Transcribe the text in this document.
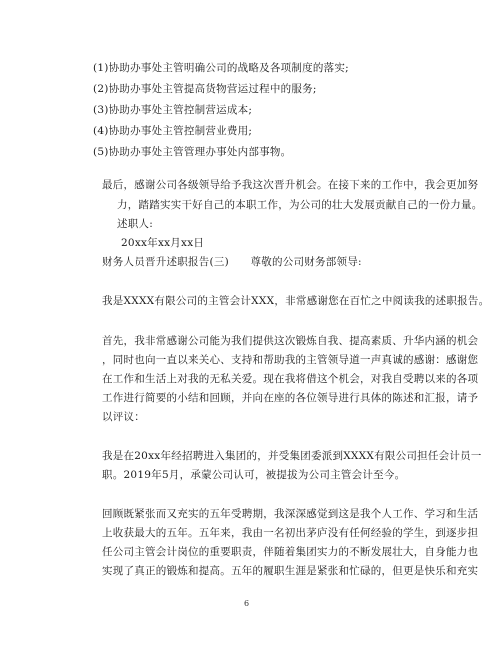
(1)协助办事处主管明确公司的战略及各项制度的落实;
(2)协助办事处主管提高货物营运过程中的服务;
(3)协助办事处主管控制营运成本;
(4)协助办事处主管控制营业费用;
(5)协助办事处主管管理办事处内部事物。
最后，感谢公司各级领导给予我这次晋升机会。在接下来的工作中，我会更加努
力，踏踏实实干好自己的本职工作，为公司的壮大发展贡献自己的一份力量。
述职人:
20xx年xx月xx日
财务人员晋升述职报告(三)　　尊敬的公司财务部领导:
我是XXXX有限公司的主管会计XXX，非常感谢您在百忙之中阅读我的述职报告。
首先，我非常感谢公司能为我们提供这次锻炼自我、提高素质、升华内涵的机会
，同时也向一直以来关心、支持和帮助我的主管领导道一声真诚的感谢：感谢您
在工作和生活上对我的无私关爱。现在我将借这个机会，对我自受聘以来的各项
工作进行简要的小结和回顾，并向在座的各位领导进行具体的陈述和汇报，请予
以评议：
我是在20xx年经招聘进入集团的，并受集团委派到XXXX有限公司担任会计员一
职。2019年5月，承蒙公司认可，被提拔为公司主管会计至今。
回顾既紧张而又充实的五年受聘期，我深深感觉到这是我个人工作、学习和生活
上收获最大的五年。五年来，我由一名初出茅庐没有任何经验的学生，到逐步担
任公司主管会计岗位的重要职责，伴随着集团实力的不断发展壮大，自身能力也
实现了真正的锻炼和提高。五年的履职生涯是紧张和忙碌的，但更是快乐和充实
6
